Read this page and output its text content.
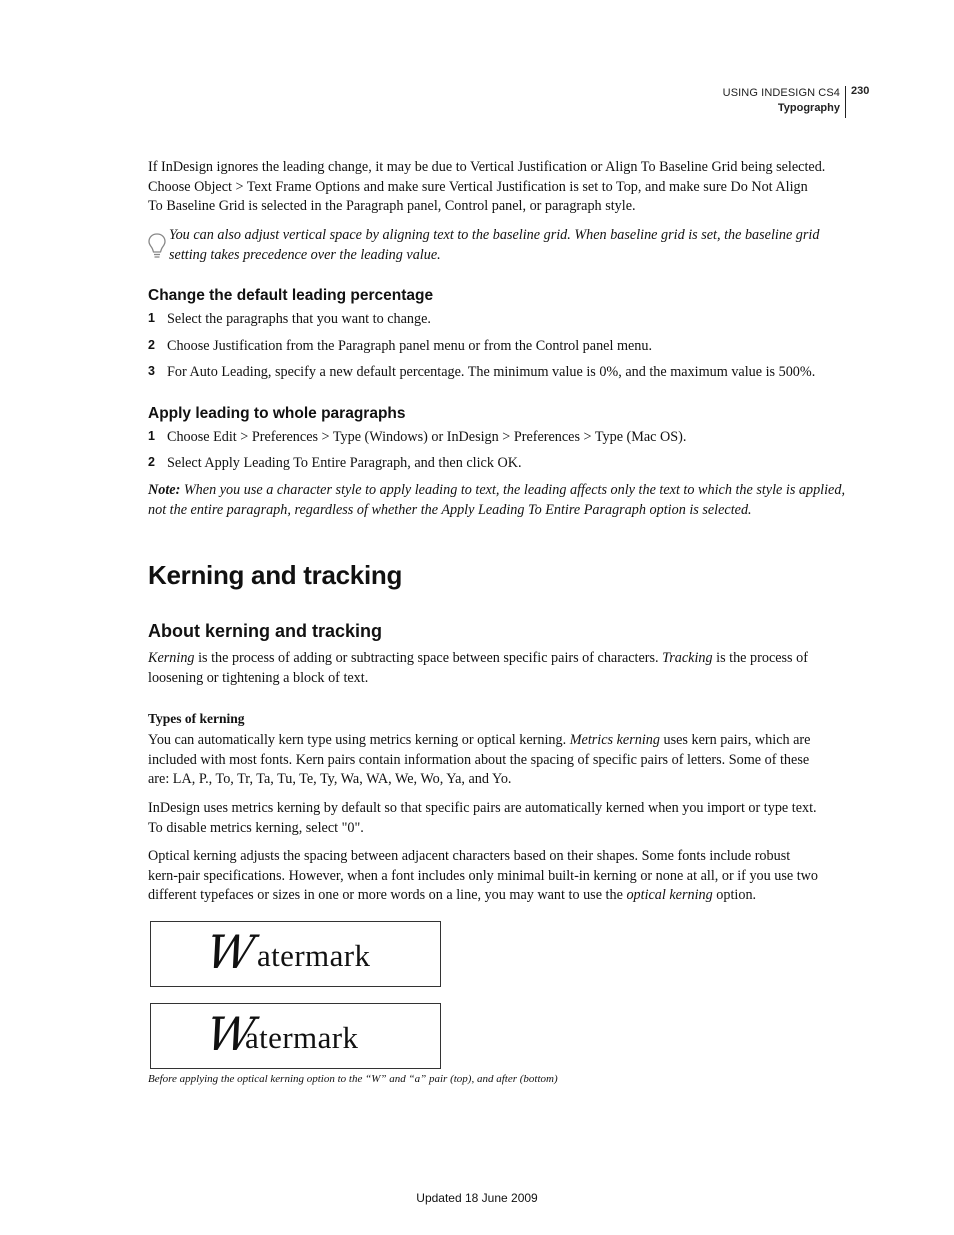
USING INDESIGN CS4
Typography
230

If InDesign ignores the leading change, it may be due to Vertical Justification or Align To Baseline Grid being selected.

Choose Object > Text Frame Options and make sure Vertical Justification is set to Top, and make sure Do Not Align

To Baseline Grid is selected in the Paragraph panel, Control panel, or paragraph style.

You can also adjust vertical space by aligning text to the baseline grid. When baseline grid is set, the baseline grid

setting takes precedence over the leading value.

Change the default leading percentage
1 Select the paragraphs that you want to change.
2 Choose Justification from the Paragraph panel menu or from the Control panel menu.
3 For Auto Leading, specify a new default percentage. The minimum value is 0%, and the maximum value is 500%.
Apply leading to whole paragraphs
1 Choose Edit > Preferences > Type (Windows) or InDesign > Preferences > Type (Mac OS).
2 Select Apply Leading To Entire Paragraph, and then click OK.

Note: When you use a character style to apply leading to text, the leading affects only the text to which the style is applied,

not the entire paragraph, regardless of whether the Apply Leading To Entire Paragraph option is selected.

Kerning and tracking
About kerning and tracking

Kerning is the process of adding or subtracting space between specific pairs of characters. Tracking is the process of

loosening or tightening a block of text.

Types of kerning

You can automatically kern type using metrics kerning or optical kerning. Metrics kerning uses kern pairs, which are

included with most fonts. Kern pairs contain information about the spacing of specific pairs of letters. Some of these

are: LA, P., To, Tr, Ta, Tu, Te, Ty, Wa, WA, We, Wo, Ya, and Yo.

InDesign uses metrics kerning by default so that specific pairs are automatically kerned when you import or type text.

To disable metrics kerning, select "0".

Optical kerning adjusts the spacing between adjacent characters based on their shapes. Some fonts include robust

kern-pair specifications. However, when a font includes only minimal built-in kerning or none at all, or if you use two

different typefaces or sizes in one or more words on a line, you may want to use the optical kerning option.

W
atermark
W
atermark
Before applying the optical kerning option to the “W” and “a” pair (top), and after (bottom)
Updated 18 June 2009
